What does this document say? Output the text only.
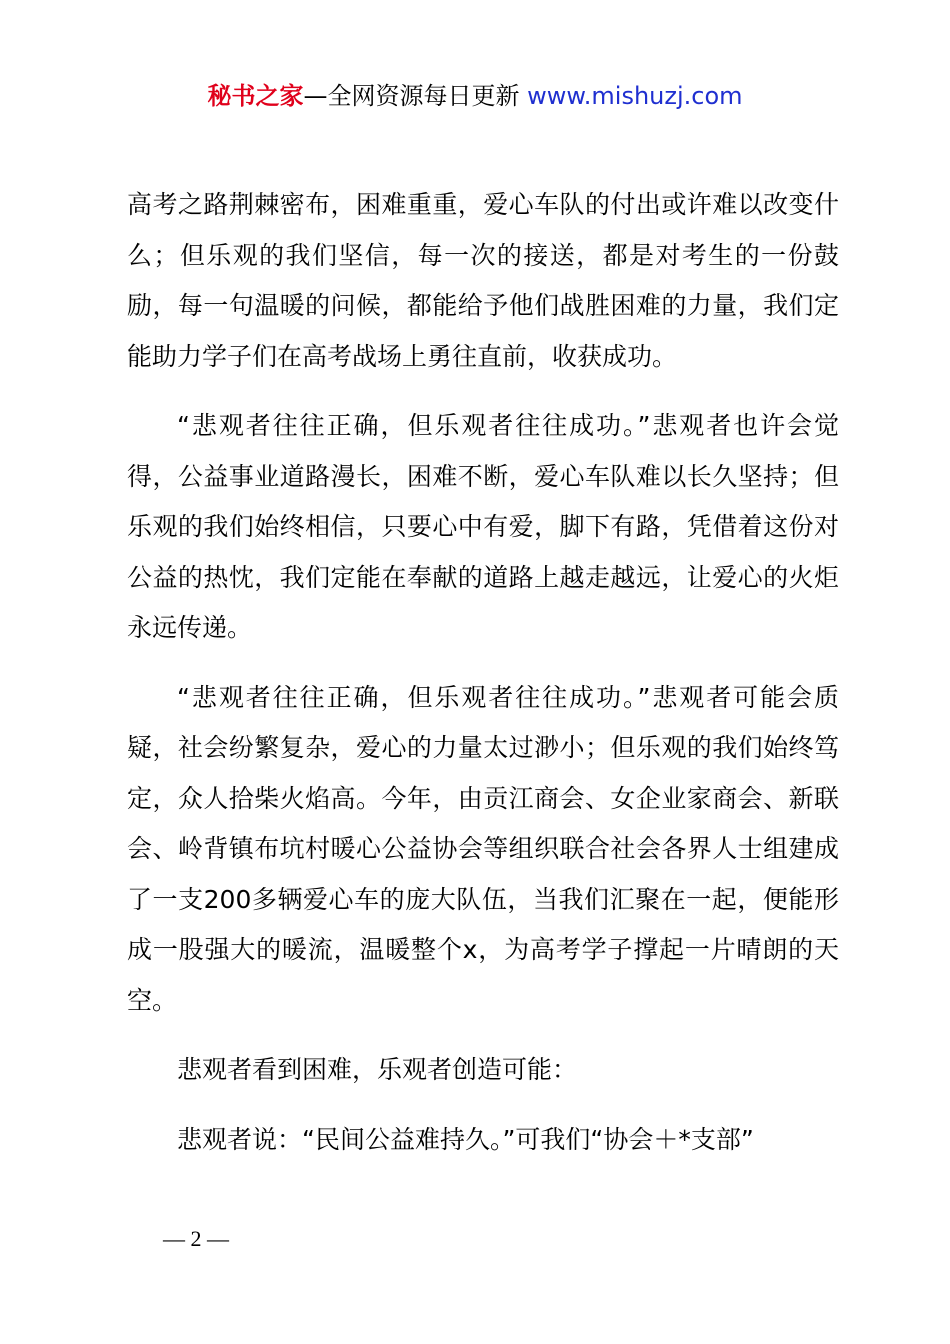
秘书之家—全网资源每日更新 www.mishuzj.com

高考之路荆棘密布，困难重重，爱心车队的付出或许难以改变什么；但乐观的我们坚信，每一次的接送，都是对考生的一份鼓励，每一句温暖的问候，都能给予他们战胜困难的力量，我们定能助力学子们在高考战场上勇往直前，收获成功。

“悲观者往往正确，但乐观者往往成功。”悲观者也许会觉得，公益事业道路漫长，困难不断，爱心车队难以长久坚持；但乐观的我们始终相信，只要心中有爱，脚下有路，凭借着这份对公益的热忱，我们定能在奉献的道路上越走越远，让爱心的火炬永远传递。

“悲观者往往正确，但乐观者往往成功。”悲观者可能会质疑，社会纷繁复杂，爱心的力量太过渺小；但乐观的我们始终笃定，众人拾柴火焰高。今年，由贡江商会、女企业家商会、新联会、岭背镇布坑村暖心公益协会等组织联合社会各界人士组建成了一支200多辆爱心车的庞大队伍，当我们汇聚在一起，便能形成一股强大的暖流，温暖整个x，为高考学子撑起一片晴朗的天空。

悲观者看到困难，乐观者创造可能：

悲观者说：“民间公益难持久。”可我们“协会＋*支部”

— 2 —
